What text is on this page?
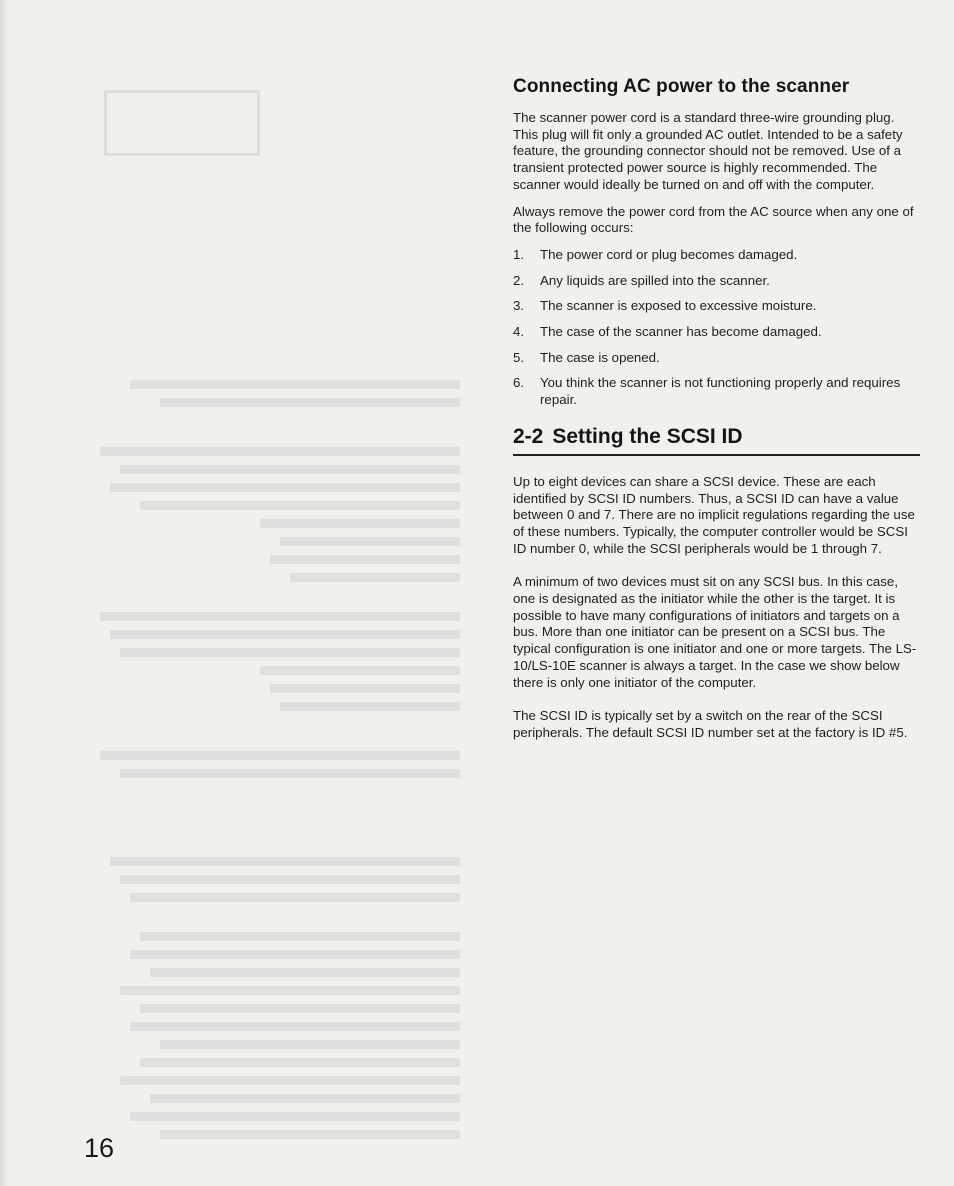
Connecting AC power to the scanner

The scanner power cord is a standard three-wire grounding plug. This plug will fit only a grounded AC outlet. Intended to be a safety feature, the grounding connector should not be removed. Use of a transient protected power source is highly recommended. The scanner would ideally be turned on and off with the computer.

Always remove the power cord from the AC source when any one of the following occurs:

1. The power cord or plug becomes damaged.
2. Any liquids are spilled into the scanner.
3. The scanner is exposed to excessive moisture.
4. The case of the scanner has become damaged.
5. The case is opened.
6. You think the scanner is not functioning properly and requires repair.
2-2 Setting the SCSI ID

Up to eight devices can share a SCSI device. These are each identified by SCSI ID numbers. Thus, a SCSI ID can have a value between 0 and 7. There are no implicit regulations regarding the use of these numbers. Typically, the computer controller would be SCSI ID number 0, while the SCSI peripherals would be 1 through 7.

A minimum of two devices must sit on any SCSI bus. In this case, one is designated as the initiator while the other is the target. It is possible to have many configurations of initiators and targets on a bus. More than one initiator can be present on a SCSI bus. The typical configuration is one initiator and one or more targets. The LS-10/LS-10E scanner is always a target. In the case we show below there is only one initiator of the computer.

The SCSI ID is typically set by a switch on the rear of the SCSI peripherals. The default SCSI ID number set at the factory is ID #5.

16
